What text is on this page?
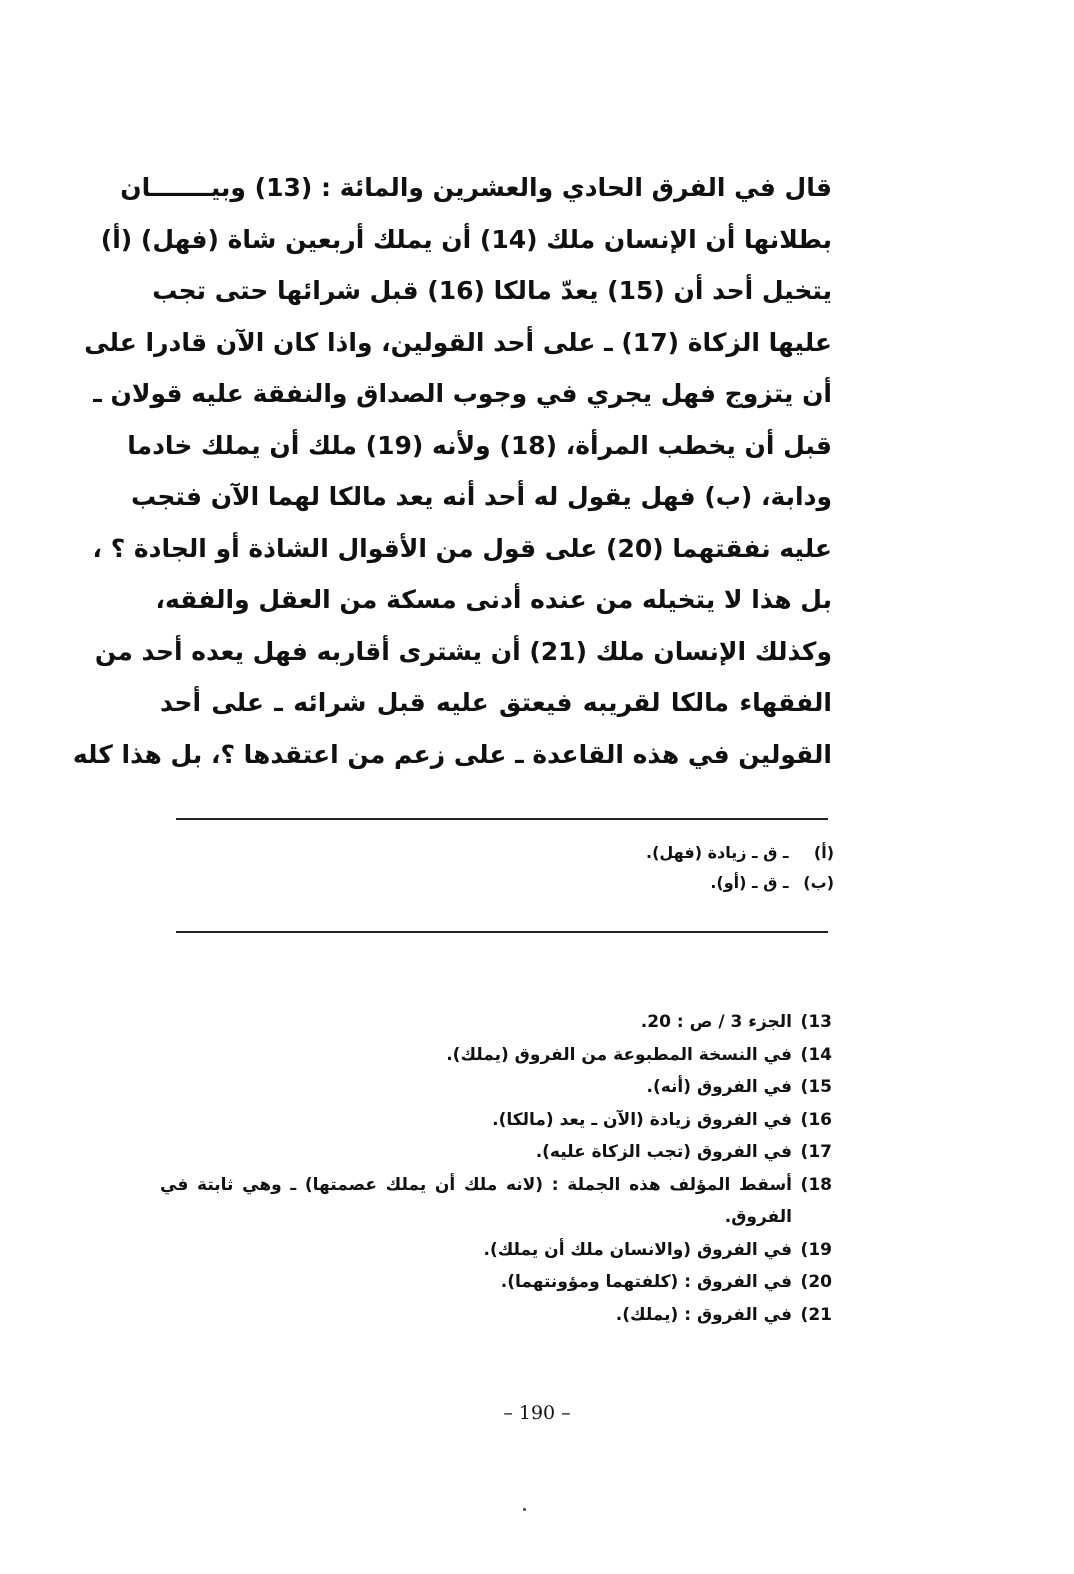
قال في الفرق الحادي والعشرين والمائة : (13) وبيـــــــان
بطلانها أن الإنسان ملك (14) أن يملك أربعين شاة (فهل) (أ)
يتخيل أحد أن (15) يعدّ مالكا (16) قبل شرائها حتى تجب
عليها الزكاة (17) ـ على أحد القولين، واذا كان الآن قادرا على
أن يتزوج فهل يجري في وجوب الصداق والنفقة عليه قولان ـ
قبل أن يخطب المرأة، (18) ولأنه (19) ملك أن يملك خادما
ودابة، (ب) فهل يقول له أحد أنه يعد مالكا لهما الآن فتجب
عليه نفقتهما (20) على قول من الأقوال الشاذة أو الجادة ؟ ،
بل هذا لا يتخيله من عنده أدنى مسكة من العقل والفقه،
وكذلك الإنسان ملك (21) أن يشترى أقاربه فهل يعده أحد من
الفقهاء مالكا لقريبه فيعتق عليه قبل شرائه ـ على أحد
القولين في هذه القاعدة ـ على زعم من اعتقدها ؟، بل هذا كله
(أ) ـ ق ـ زيادة (فهل).
(ب) ـ ق ـ (أو).
13)
الجزء 3 / ص : 20.
14)
في النسخة المطبوعة من الفروق (يملك).
15)
في الفروق (أنه).
16)
في الفروق زيادة (الآن ـ يعد (مالكا).
17)
في الفروق (تجب الزكاة عليه).
18)
أسقط المؤلف هذه الجملة : (لانه ملك أن يملك عصمتها) ـ وهي ثابتة في الفروق.
19)
في الفروق (والانسان ملك أن يملك).
20)
في الفروق : (كلفتهما ومؤونتهما).
21)
في الفروق : (يملك).
– 190 –
